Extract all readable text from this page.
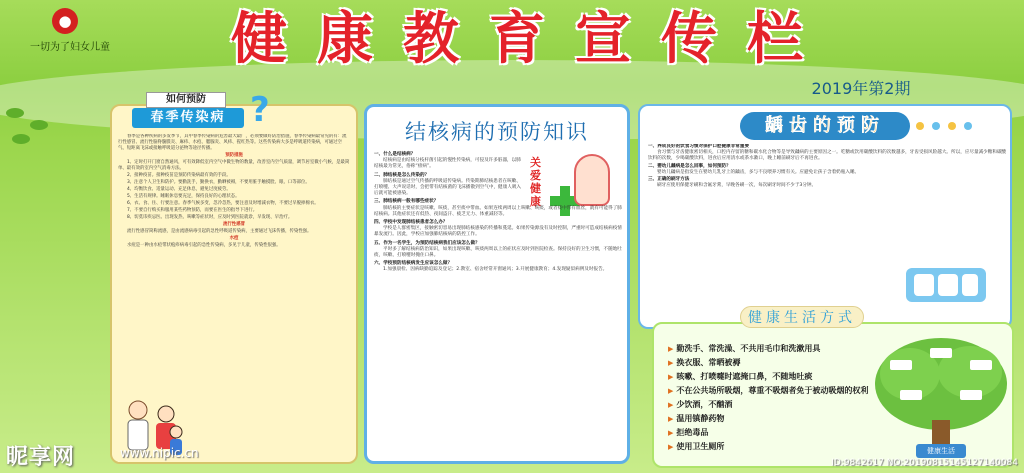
●
一切为了妇女儿童	健康教育宣传栏
2019年第2期
如何预防
春季传染病 ?

春季是各种疾病的多发季节，其中春季传染病的危害最大最广，必须要做好防治措施，春季传染病最常见的有：流行性感冒、流行性脑脊髓膜炎、麻疹、水痘、腮腺炎、风疹、猩红热等。这些传染病大多是呼吸道传染病，可通过空气、短距离飞沫或接触呼吸道分泌物等途径传播。

预防措施

1、定时打开门窗自然通风，可有效降低室内空气中微生物的数量，改善室内空气质量，调节居室微小气候，是最简单、最有效的室内空气消毒方法。

2、接种疫苗。接种疫苗是预防传染病最有效的手段。

3、注意个人卫生和防护。要勤洗手，勤换衣，勤晒被褥，不要用脏手触摸脸、眼、口等部位。

4、均衡饮食、适量运动、充足休息，避免过度疲劳。

5、生活有规律。睡眠休息要充足，保持良好的心理状态。

6、衣、食、住、行要注意。春季气候多变，忽冷忽热，要注意及时增减衣物，不要过早脱掉棉衣。

7、不要自行购买和服用某些药物预防，而要在医生的指导下进行。

8、切莫讳疾忌医。出现发热、咳嗽等症状时，应及时到医院就诊，早发现、早治疗。

流行性感冒

流行性感冒简称流感，是由流感病毒引起的急性呼吸道传染病，主要通过飞沫传播，传染性强。

水痘

水痘是一种由水痘带状疱疹病毒引起的急性传染病，多见于儿童，传染性很强。

结核病的预防知识
关爱健康
一、什么是结核病？

结核病是由结核分枝杆菌引起的慢性传染病，可侵及许多脏器，以肺结核最为常见，俗称“痨病”。

二、肺结核是怎么传染的？

肺结核是通过空气传播的呼吸道传染病。传染期肺结核患者在咳嗽、打喷嚏、大声说话时，会把带有结核菌的飞沫播散到空气中，健康人吸入后就可能被感染。

三、肺结核病一般有哪些症状？

肺结核的主要症状是咳嗽、咳痰，甚至痰中带血。如果连续两周以上咳嗽、咳痰，或者痰中带有血丝，就有可能得了肺结核病。其他症状还有低热、夜间盗汗、疲乏无力、体重减轻等。

四、学校中发现肺结核患者怎么办？

学校是人群密集区，接触密切容易出现肺结核感染的传播和蔓延。如果传染源没有及时控制，严重时可造成结核病疫情暴发流行。因此，学校应加强肺结核病的防控工作。

五、作为一名学生，为预防结核病我们应该怎么做？

平时多了解结核病防治知识，如果出现咳嗽、咳痰两周以上的症状应及时到医院检查。保持良好的卫生习惯，不随地吐痰，咳嗽、打喷嚏时掩住口鼻。

六、学校预防结核病发生应该怎么做？

1.加强晨检、因病缺勤追踪及登记；2.教室、宿舍经常开窗通风；3.开展健康教育；4.发现疑似病例及时报告。

龋齿的预防
一、养成良好的饮食习惯对保护口腔健康非常重要

食习惯与牙齿健康密切相关，口腔内存留的糖和碳水化合物等是导致龋病的主要原因之一。吃糖或饮用碳酸饮料的次数越多，牙齿受损风险越大。所以，应尽量减少糖和碳酸饮料的次数，少喝碳酸饮料，进食后应用清水或茶水漱口，晚上睡前刷牙后不再进食。

二、婴幼儿龋病是怎么回事，如何预防？

婴幼儿龋病是指发生在婴幼儿乳牙上的龋齿，多与不良喂养习惯有关。应避免让孩子含着奶瓶入睡。

三、正确的刷牙方法

刷牙应使用保健牙刷和含氟牙膏，早晚各刷一次，每次刷牙时间不少于3分钟。

健康生活方式
▶ 勤洗手、常洗澡、不共用毛巾和洗漱用具
▶ 换衣服、常晒被褥
▶ 咳嗽、打喷嚏时遮掩口鼻，不随地吐痰
▶ 不在公共场所吸烟，尊重不吸烟者免于被动吸烟的权利
▶ 少饮酒，不酗酒
▶ 温用镇静药物
▶ 拒绝毒品
▶ 使用卫生厕所	健康生活
昵享网	www.nipic.cn
ID:9842617 NO:20190815145127140084
